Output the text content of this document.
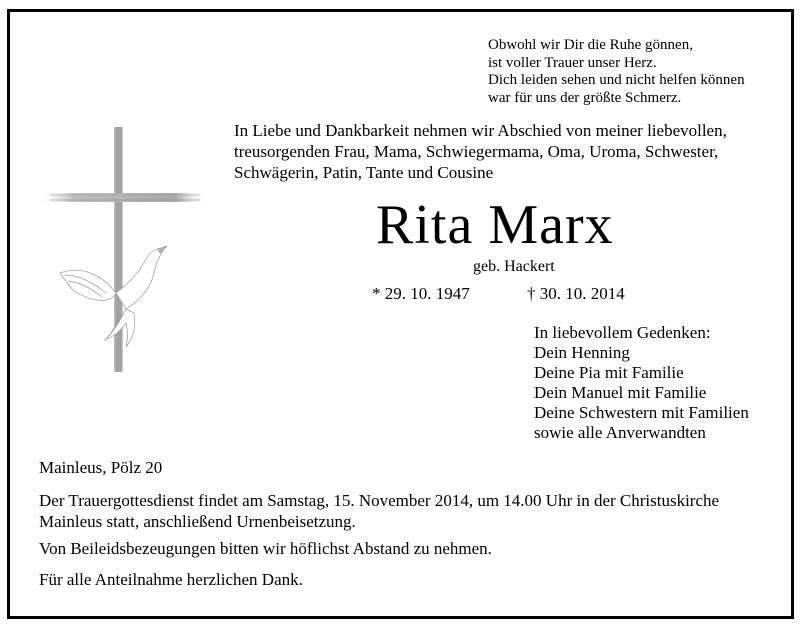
Obwohl wir Dir die Ruhe gönnen,
ist voller Trauer unser Herz.
Dich leiden sehen und nicht helfen können
war für uns der größte Schmerz.
In Liebe und Dankbarkeit nehmen wir Abschied von meiner liebevollen,
treusorgenden Frau, Mama, Schwiegermama, Oma, Uroma, Schwester,
Schwägerin, Patin, Tante und Cousine
Rita Marx
geb. Hackert
* 29. 10. 1947	† 30. 10. 2014
In liebevollem Gedenken:
Dein Henning
Deine Pia mit Familie
Dein Manuel mit Familie
Deine Schwestern mit Familien
sowie alle Anverwandten
Mainleus, Pölz 20
Der Trauergottesdienst findet am Samstag, 15. November 2014, um 14.00 Uhr in der Christuskirche
Mainleus statt, anschließend Urnenbeisetzung.
Von Beileidsbezeugungen bitten wir höflichst Abstand zu nehmen.
Für alle Anteilnahme herzlichen Dank.
